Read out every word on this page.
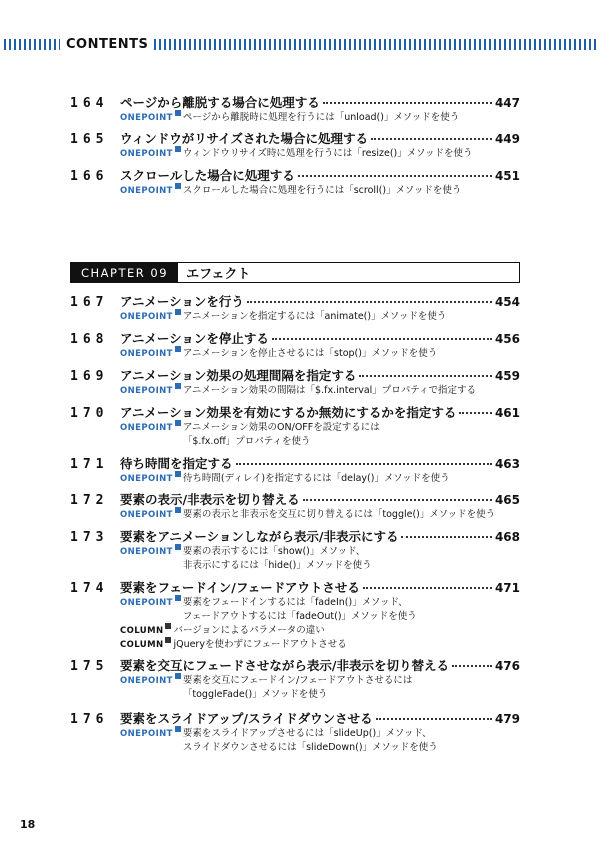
CONTENTS
CHAPTER 09	エフェクト
164 ページから離脱する場合に処理する	447
ONEPOINT ページから離脱時に処理を行うには「unload()」メソッドを使う
165 ウィンドウがリサイズされた場合に処理する	449
ONEPOINT ウィンドウリサイズ時に処理を行うには「resize()」メソッドを使う
166 スクロールした場合に処理する	451
ONEPOINT スクロールした場合に処理を行うには「scroll()」メソッドを使う
167 アニメーションを行う	454
ONEPOINT アニメーションを指定するには「animate()」メソッドを使う
168 アニメーションを停止する	456
ONEPOINT アニメーションを停止させるには「stop()」メソッドを使う
169 アニメーション効果の処理間隔を指定する	459
ONEPOINT アニメーション効果の間隔は「$.fx.interval」プロパティで指定する
170 アニメーション効果を有効にするか無効にするかを指定する	461
ONEPOINT アニメーション効果のON/OFFを設定するには
「$.fx.off」プロパティを使う
171 待ち時間を指定する	463
ONEPOINT 待ち時間(ディレイ)を指定するには「delay()」メソッドを使う
172 要素の表示/非表示を切り替える	465
ONEPOINT 要素の表示と非表示を交互に切り替えるには「toggle()」メソッドを使う
173 要素をアニメーションしながら表示/非表示にする	468
ONEPOINT 要素の表示するには「show()」メソッド、
非表示にするには「hide()」メソッドを使う
174 要素をフェードイン/フェードアウトさせる	471
ONEPOINT 要素をフェードインするには「fadeIn()」メソッド、
フェードアウトするには「fadeOut()」メソッドを使う
COLUMN バージョンによるパラメータの違い
COLUMN jQueryを使わずにフェードアウトさせる
175 要素を交互にフェードさせながら表示/非表示を切り替える	476
ONEPOINT 要素を交互にフェードイン/フェードアウトさせるには
「toggleFade()」メソッドを使う
176 要素をスライドアップ/スライドダウンさせる	479
ONEPOINT 要素をスライドアップさせるには「slideUp()」メソッド、
スライドダウンさせるには「slideDown()」メソッドを使う
18
